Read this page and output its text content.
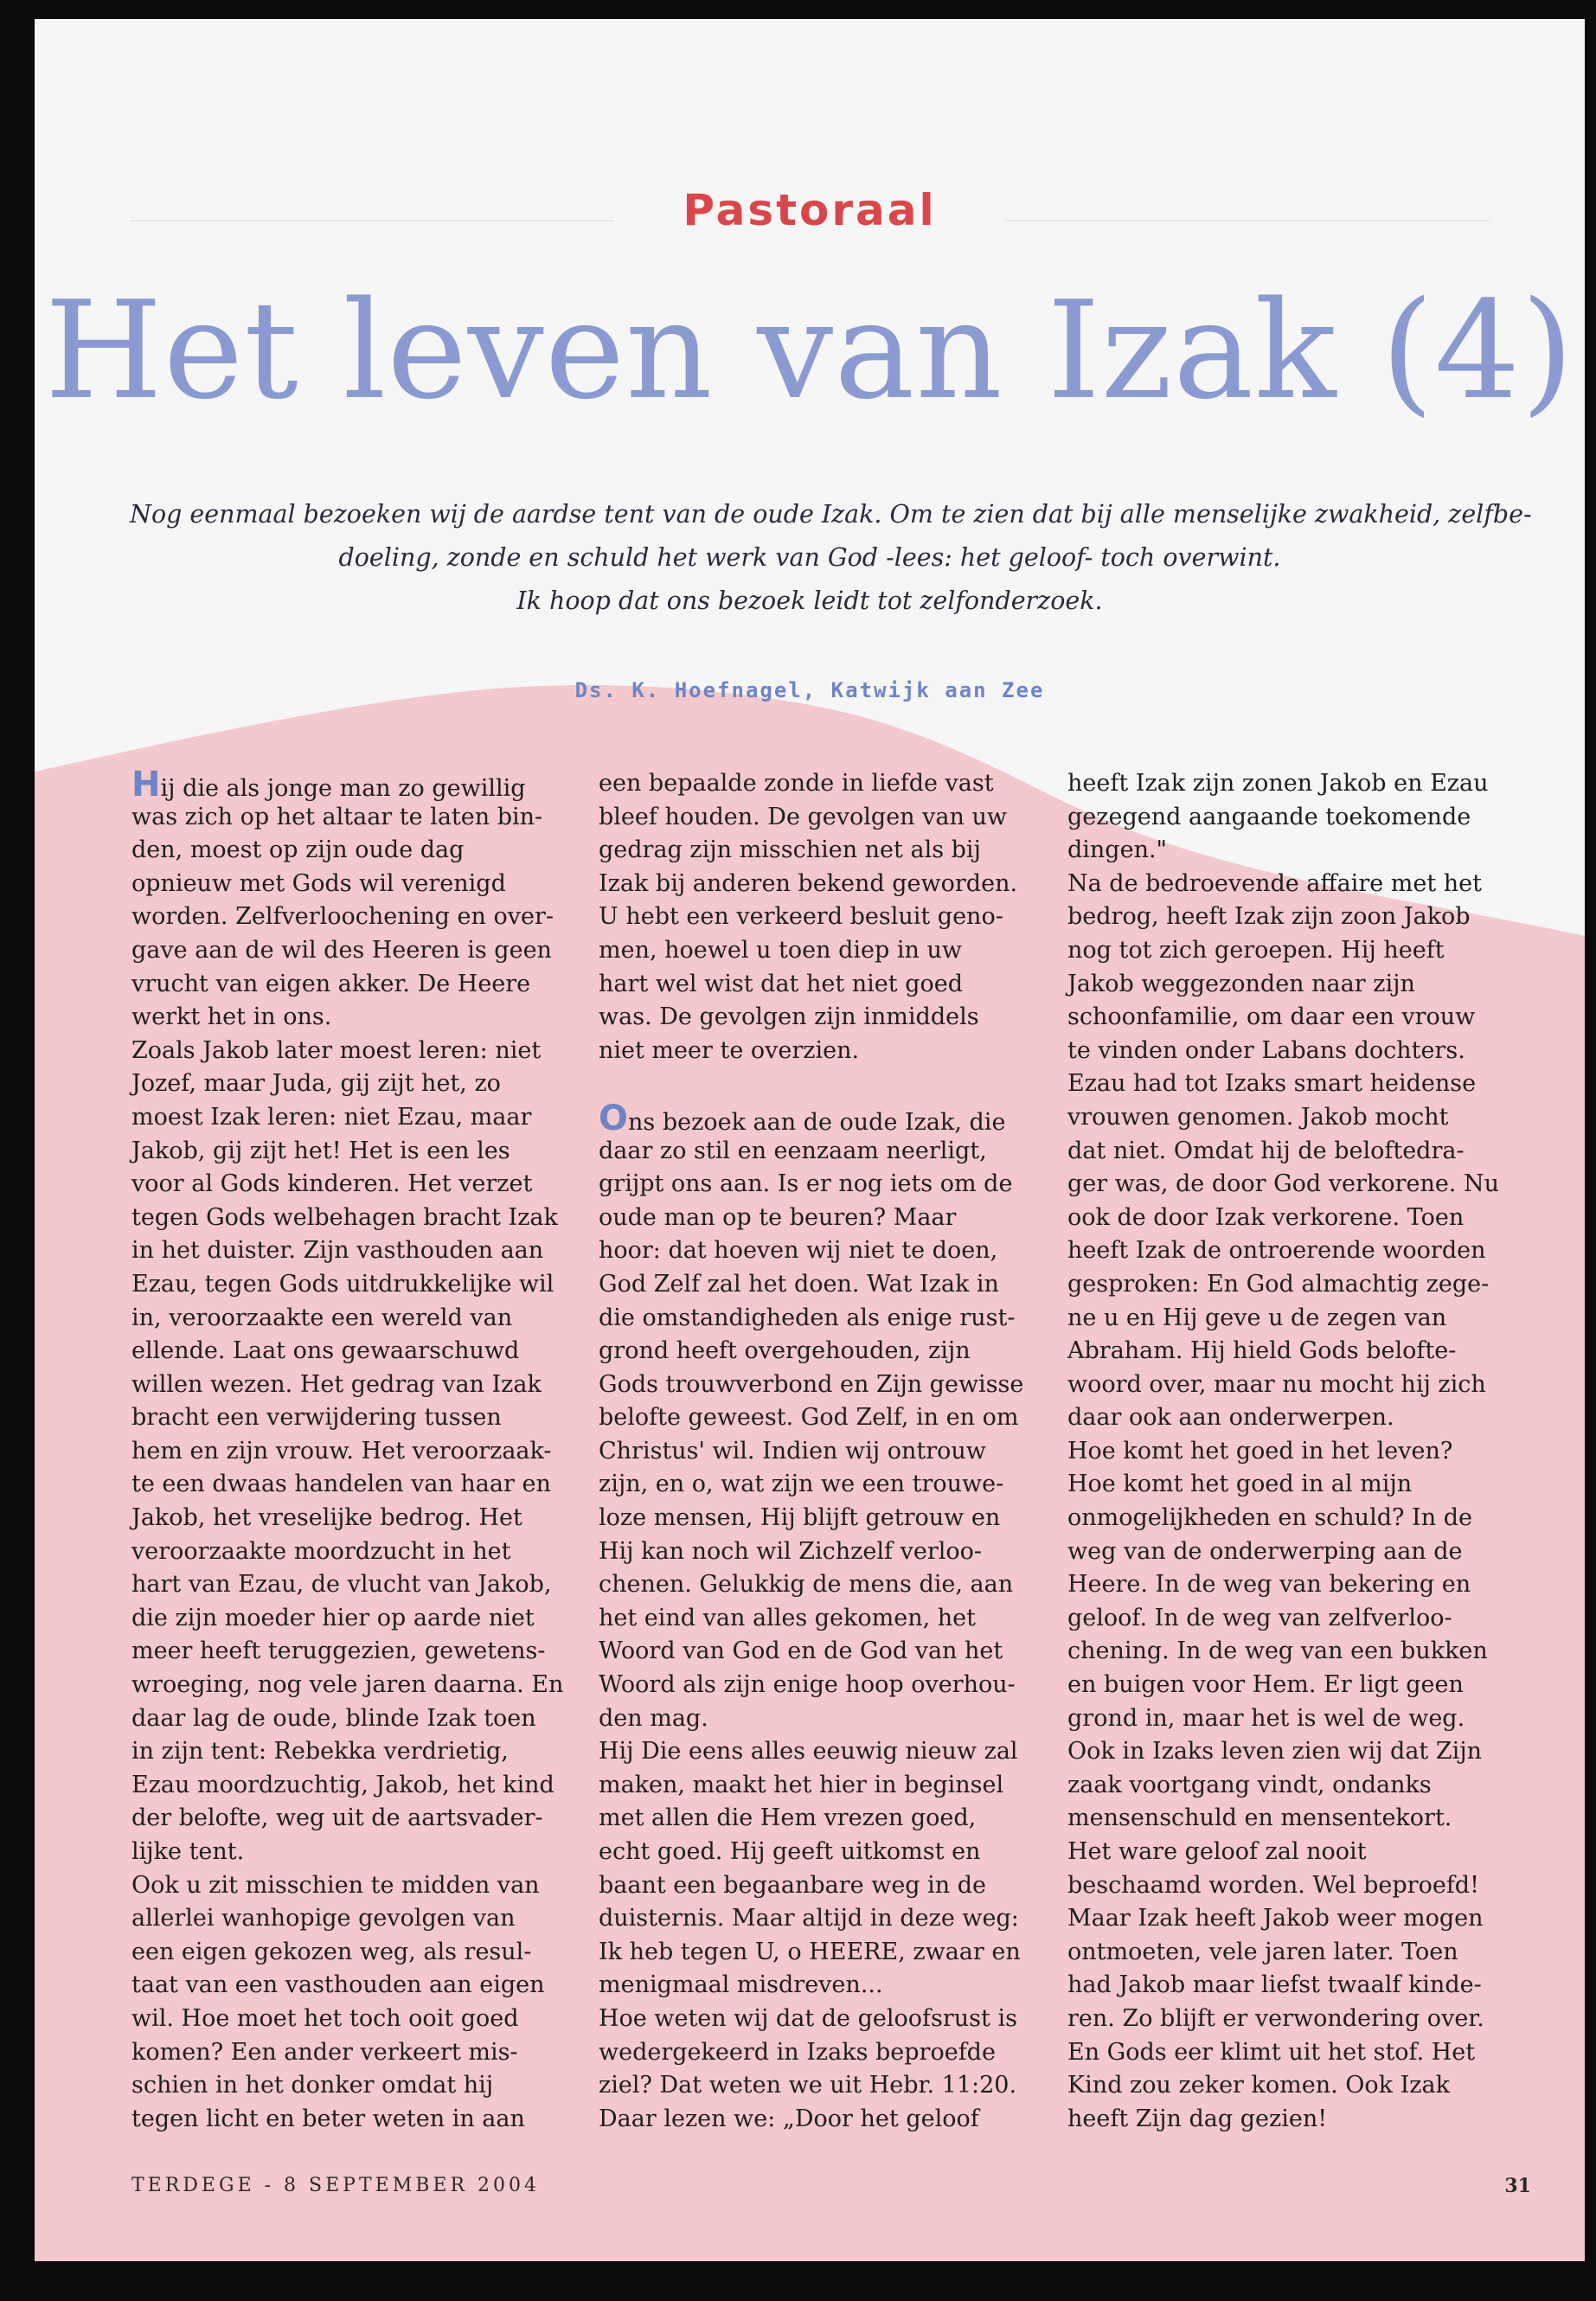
Pastoraal
Het leven van Izak (4)
Nog eenmaal bezoeken wij de aardse tent van de oude Izak. Om te zien dat bij alle menselijke zwakheid, zelfbe-
doeling, zonde en schuld het werk van God -lees: het geloof- toch overwint.
Ik hoop dat ons bezoek leidt tot zelfonderzoek.
Ds. K. Hoefnagel, Katwijk aan Zee
Hij die als jonge man zo gewillig
was zich op het altaar te laten bin-
den, moest op zijn oude dag
opnieuw met Gods wil verenigd
worden. Zelfverloochening en over-
gave aan de wil des Heeren is geen
vrucht van eigen akker. De Heere
werkt het in ons.
Zoals Jakob later moest leren: niet
Jozef, maar Juda, gij zijt het, zo
moest Izak leren: niet Ezau, maar
Jakob, gij zijt het! Het is een les
voor al Gods kinderen. Het verzet
tegen Gods welbehagen bracht Izak
in het duister. Zijn vasthouden aan
Ezau, tegen Gods uitdrukkelijke wil
in, veroorzaakte een wereld van
ellende. Laat ons gewaarschuwd
willen wezen. Het gedrag van Izak
bracht een verwijdering tussen
hem en zijn vrouw. Het veroorzaak-
te een dwaas handelen van haar en
Jakob, het vreselijke bedrog. Het
veroorzaakte moordzucht in het
hart van Ezau, de vlucht van Jakob,
die zijn moeder hier op aarde niet
meer heeft teruggezien, gewetens-
wroeging, nog vele jaren daarna. En
daar lag de oude, blinde Izak toen
in zijn tent: Rebekka verdrietig,
Ezau moordzuchtig, Jakob, het kind
der belofte, weg uit de aartsvader-
lijke tent.
Ook u zit misschien te midden van
allerlei wanhopige gevolgen van
een eigen gekozen weg, als resul-
taat van een vasthouden aan eigen
wil. Hoe moet het toch ooit goed
komen? Een ander verkeert mis-
schien in het donker omdat hij
tegen licht en beter weten in aan
een bepaalde zonde in liefde vast
bleef houden. De gevolgen van uw
gedrag zijn misschien net als bij
Izak bij anderen bekend geworden.
U hebt een verkeerd besluit geno-
men, hoewel u toen diep in uw
hart wel wist dat het niet goed
was. De gevolgen zijn inmiddels
niet meer te overzien.
Ons bezoek aan de oude Izak, die
daar zo stil en eenzaam neerligt,
grijpt ons aan. Is er nog iets om de
oude man op te beuren? Maar
hoor: dat hoeven wij niet te doen,
God Zelf zal het doen. Wat Izak in
die omstandigheden als enige rust-
grond heeft overgehouden, zijn
Gods trouwverbond en Zijn gewisse
belofte geweest. God Zelf, in en om
Christus' wil. Indien wij ontrouw
zijn, en o, wat zijn we een trouwe-
loze mensen, Hij blijft getrouw en
Hij kan noch wil Zichzelf verloo-
chenen. Gelukkig de mens die, aan
het eind van alles gekomen, het
Woord van God en de God van het
Woord als zijn enige hoop overhou-
den mag.
Hij Die eens alles eeuwig nieuw zal
maken, maakt het hier in beginsel
met allen die Hem vrezen goed,
echt goed. Hij geeft uitkomst en
baant een begaanbare weg in de
duisternis. Maar altijd in deze weg:
Ik heb tegen U, o HEERE, zwaar en
menigmaal misdreven...
Hoe weten wij dat de geloofsrust is
wedergekeerd in Izaks beproefde
ziel? Dat weten we uit Hebr. 11:20.
Daar lezen we: „Door het geloof
heeft Izak zijn zonen Jakob en Ezau
gezegend aangaande toekomende
dingen."
Na de bedroevende affaire met het
bedrog, heeft Izak zijn zoon Jakob
nog tot zich geroepen. Hij heeft
Jakob weggezonden naar zijn
schoonfamilie, om daar een vrouw
te vinden onder Labans dochters.
Ezau had tot Izaks smart heidense
vrouwen genomen. Jakob mocht
dat niet. Omdat hij de beloftedra-
ger was, de door God verkorene. Nu
ook de door Izak verkorene. Toen
heeft Izak de ontroerende woorden
gesproken: En God almachtig zege-
ne u en Hij geve u de zegen van
Abraham. Hij hield Gods belofte-
woord over, maar nu mocht hij zich
daar ook aan onderwerpen.
Hoe komt het goed in het leven?
Hoe komt het goed in al mijn
onmogelijkheden en schuld? In de
weg van de onderwerping aan de
Heere. In de weg van bekering en
geloof. In de weg van zelfverloo-
chening. In de weg van een bukken
en buigen voor Hem. Er ligt geen
grond in, maar het is wel de weg.
Ook in Izaks leven zien wij dat Zijn
zaak voortgang vindt, ondanks
mensenschuld en mensentekort.
Het ware geloof zal nooit
beschaamd worden. Wel beproefd!
Maar Izak heeft Jakob weer mogen
ontmoeten, vele jaren later. Toen
had Jakob maar liefst twaalf kinde-
ren. Zo blijft er verwondering over.
En Gods eer klimt uit het stof. Het
Kind zou zeker komen. Ook Izak
heeft Zijn dag gezien!
TERDEGE - 8 SEPTEMBER 2004	31
